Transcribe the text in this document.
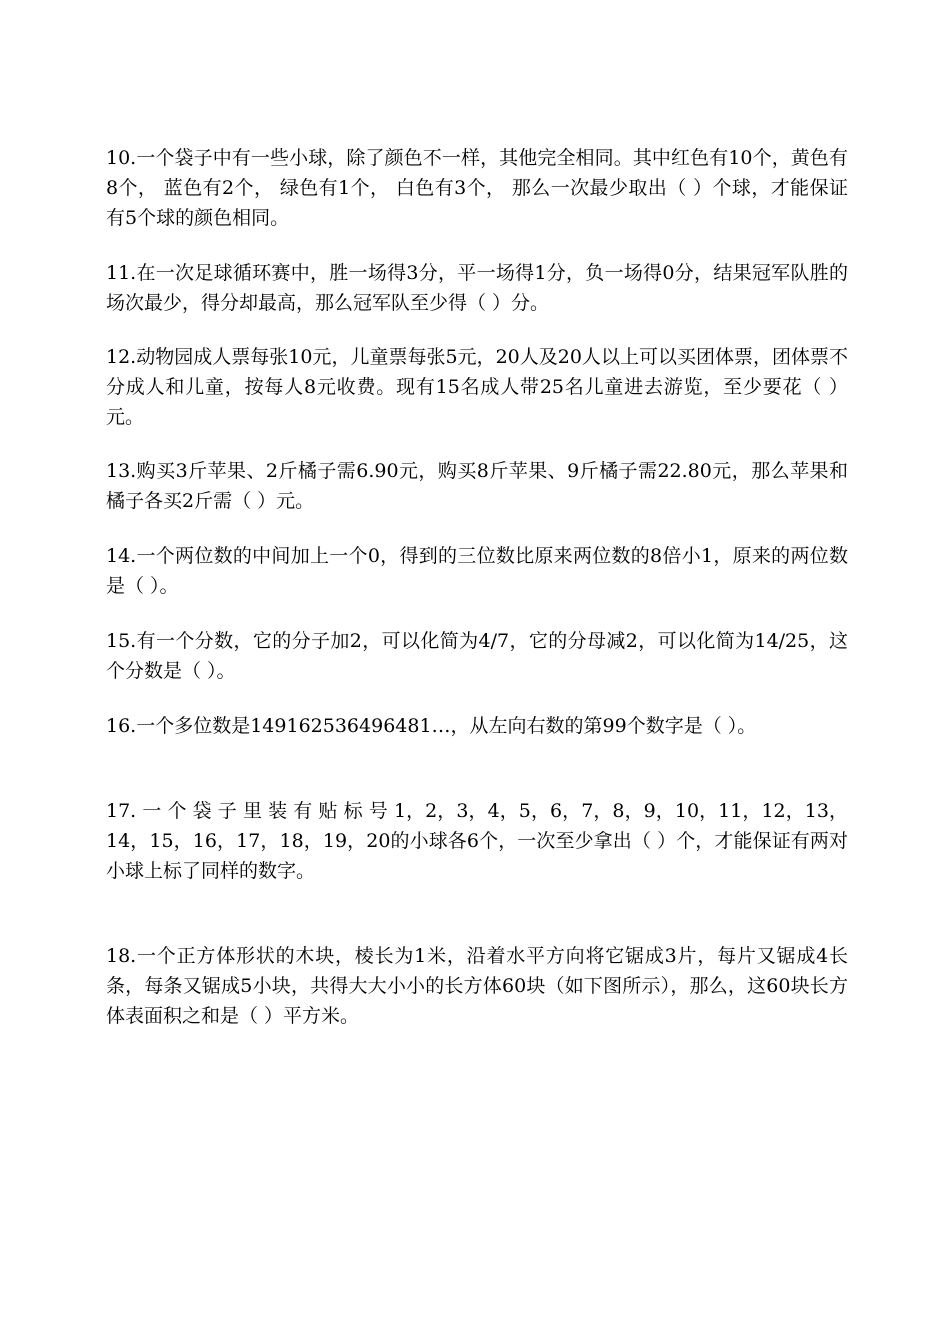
10.一个袋子中有一些小球，除了颜色不一样，其他完全相同。其中红色有10个，黄色有8个， 蓝色有2个， 绿色有1个， 白色有3个， 那么一次最少取出（ ）个球，才能保证有5个球的颜色相同。

11.在一次足球循环赛中，胜一场得3分，平一场得1分，负一场得0分，结果冠军队胜的场次最少，得分却最高，那么冠军队至少得（ ）分。

12.动物园成人票每张10元，儿童票每张5元，20人及20人以上可以买团体票，团体票不分成人和儿童，按每人8元收费。现有15名成人带25名儿童进去游览，至少要花（ ）元。

13.购买3斤苹果、2斤橘子需6.90元，购买8斤苹果、9斤橘子需22.80元，那么苹果和橘子各买2斤需（ ）元。

14.一个两位数的中间加上一个0，得到的三位数比原来两位数的8倍小1，原来的两位数是（ ）。

15.有一个分数，它的分子加2，可以化简为4/7，它的分母减2，可以化简为14/25，这个分数是（ ）。

16.一个多位数是149162536496481…，从左向右数的第99个数字是（ ）。

17. 一 个 袋 子 里 装 有 贴 标 号 1，2，3，4，5，6，7，8，9，10，11，12，13，14，15，16，17，18，19，20的小球各6个，一次至少拿出（ ）个，才能保证有两对小球上标了同样的数字。

18.一个正方体形状的木块，棱长为1米，沿着水平方向将它锯成3片，每片又锯成4长条，每条又锯成5小块，共得大大小小的长方体60块（如下图所示），那么，这60块长方体表面积之和是（ ）平方米。
